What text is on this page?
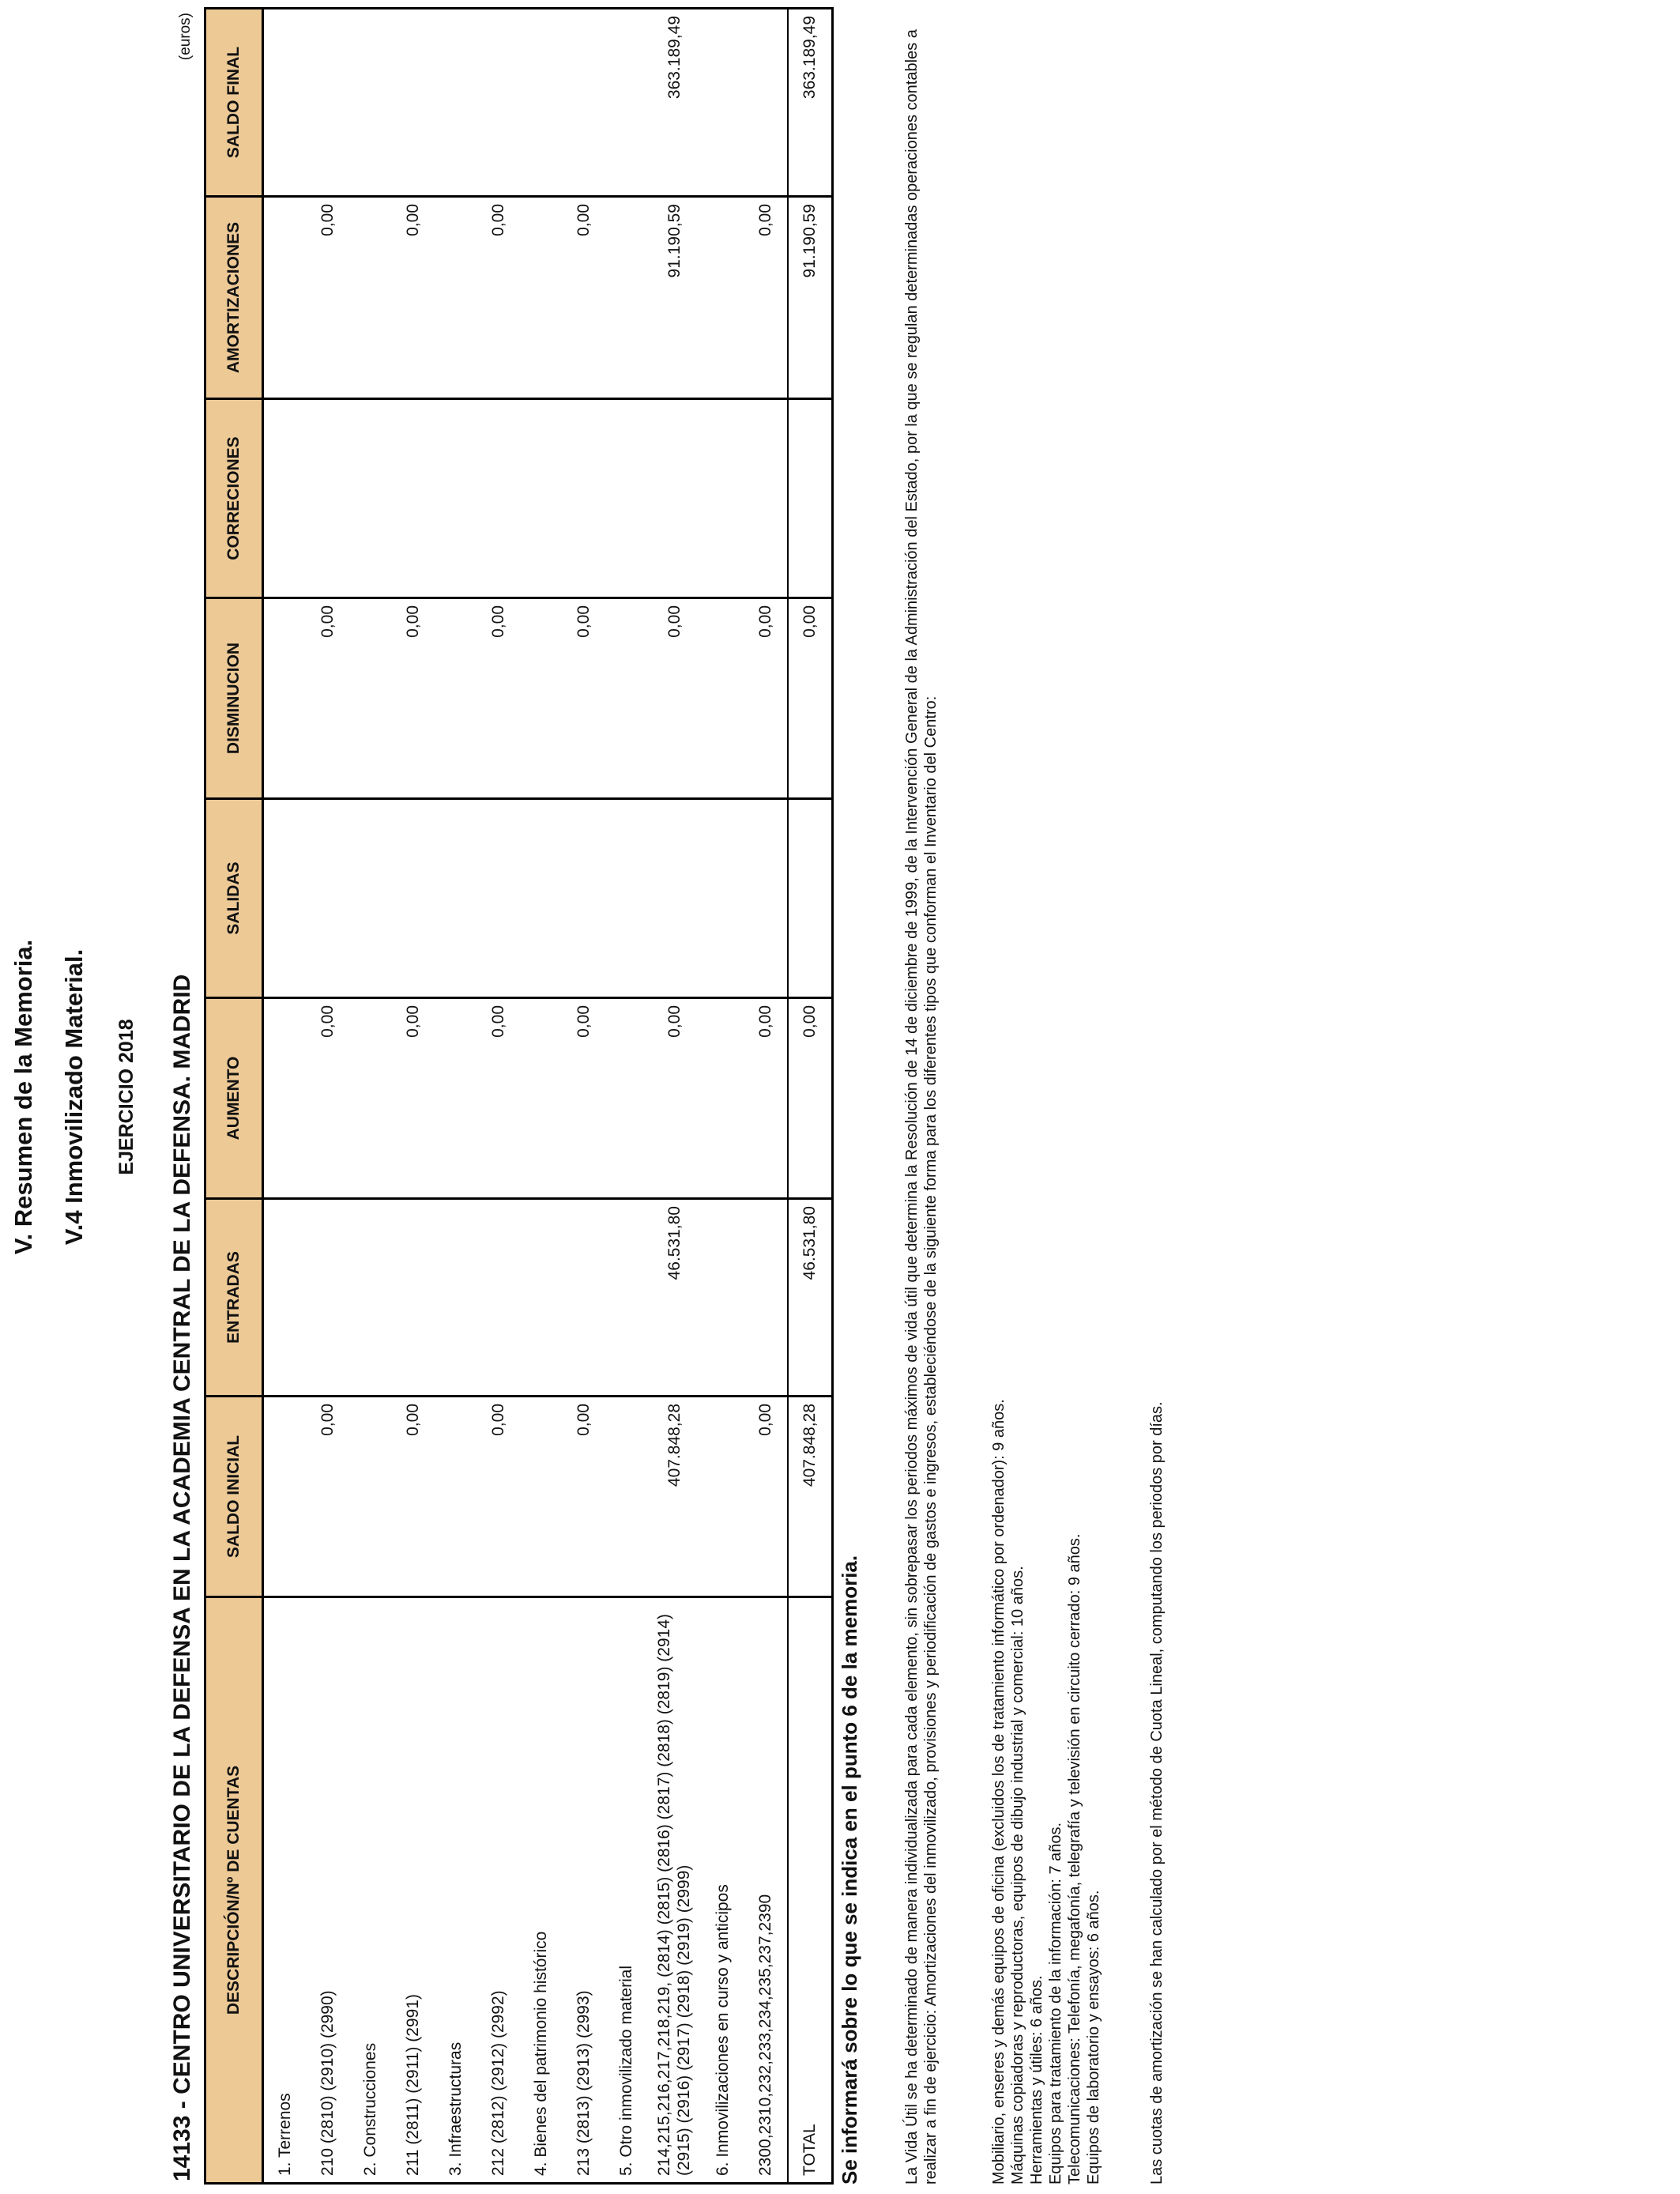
V. Resumen de la Memoria. V.4 Inmovilizado Material. EJERCICIO 2018 14133 - CENTRO UNIVERSITARIO DE LA DEFENSA EN LA ACADEMIA CENTRAL DE LA DEFENSA. MADRID
(euros)
DESCRIPCIÓN/Nº DE CUENTAS	SALDO INICIAL	ENTRADAS	AUMENTO	SALIDAS	DISMINUCION	CORRECIONES	AMORTIZACIONES	SALDO FINAL
1. Terrenos								
210 (2810) (2910) (2990)	0,00		0,00		0,00		0,00	
2. Construcciones								
211 (2811) (2911) (2991)	0,00		0,00		0,00		0,00	
3. Infraestructuras								
212 (2812) (2912) (2992)	0,00		0,00		0,00		0,00	
4. Bienes del patrimonio histórico								
213 (2813) (2913) (2993)	0,00		0,00		0,00		0,00	
5. Otro inmovilizado material								
214,215,216,217,218,219, (2814) (2815) (2816) (2817) (2818) (2819) (2914) (2915) (2916) (2917) (2918) (2919) (2999)	407.848,28	46.531,80	0,00		0,00		91.190,59	363.189,49
6. Inmovilizaciones en curso y anticipos								
2300,2310,232,233,234,235,237,2390	0,00		0,00		0,00		0,00	
TOTAL	407.848,28	46.531,80	0,00		0,00		91.190,59	363.189,49
Se informará sobre lo que se indica en el punto 6 de la memoria.	La Vida Útil se ha determinado de manera individualizada para cada elemento, sin sobrepasar los periodos máximos de vida útil que determina la Resolución de 14 de diciembre de 1999, de la Intervención General de la Administración del Estado, por la que se regulan determinadas operaciones contables a realizar a fin de ejercicio: Amortizaciones del inmovilizado, provisiones y periodificación de gastos e ingresos, estableciéndose de la siguiente forma para los diferentes tipos que conforman el Inventario del Centro:	Mobiliario, enseres y demás equipos de oficina (excluidos los de tratamiento informático por ordenador): 9 años. Máquinas copiadoras y reproductoras, equipos de dibujo industrial y comercial: 10 años. Herramientas y útiles: 6 años. Equipos para tratamiento de la información: 7 años. Telecomunicaciones: Telefonía, megafonía, telegrafía y televisión en circuito cerrado: 9 años. Equipos de laboratorio y ensayos: 6 años.	Las cuotas de amortización se han calculado por el método de Cuota Lineal, computando los periodos por días.
